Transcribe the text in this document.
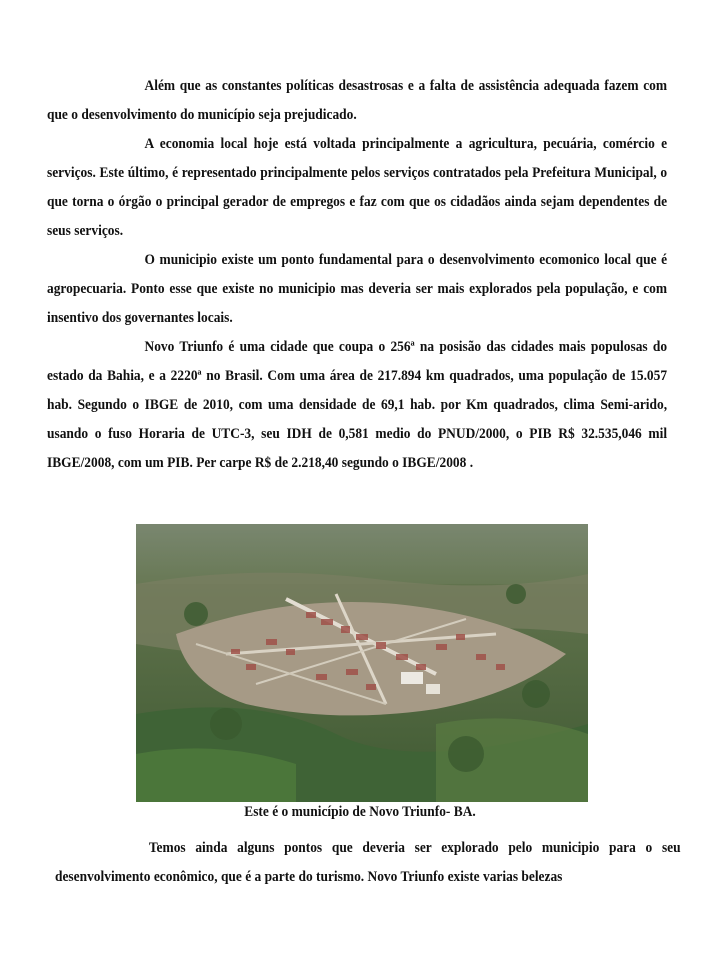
Além que as constantes políticas desastrosas e a falta de assistência adequada fazem com que o desenvolvimento do município seja prejudicado.

A economia local hoje está voltada principalmente a agricultura, pecuária, comércio e serviços. Este último, é representado principalmente pelos serviços contratados pela Prefeitura Municipal, o que torna o órgão o principal gerador de empregos e faz com que os cidadãos ainda sejam dependentes de seus serviços.

O municipio existe um ponto fundamental para o desenvolvimento ecomonico local que é agropecuaria. Ponto esse que existe no municipio mas deveria ser mais explorados pela população, e com insentivo dos governantes locais.

Novo Triunfo é uma cidade que coupa o 256ª na posisão das cidades mais populosas do estado da Bahia, e a 2220ª no Brasil. Com uma área de 217.894 km quadrados, uma população de 15.057 hab. Segundo o IBGE de 2010, com uma densidade de 69,1 hab. por Km quadrados, clima Semi-arido, usando o fuso Horaria de UTC-3, seu IDH de 0,581 medio do PNUD/2000, o PIB R$ 32.535,046 mil IBGE/2008, com um PIB. Per carpe R$ de 2.218,40 segundo o IBGE/2008 .

Este é o município de Novo Triunfo- BA.

Temos ainda alguns pontos que deveria ser explorado pelo municipio para o seu desenvolvimento econômico, que é a parte do turismo. Novo Triunfo existe varias belezas
